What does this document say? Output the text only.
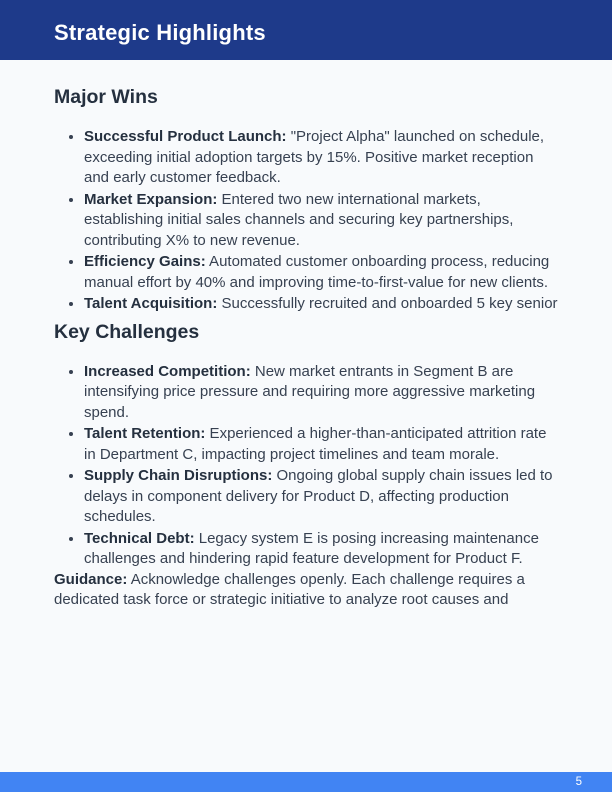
Strategic Highlights
Major Wins
• Successful Product Launch: "Project Alpha" launched on schedule, exceeding initial adoption targets by 15%. Positive market reception and early customer feedback.
• Market Expansion: Entered two new international markets, establishing initial sales channels and securing key partnerships, contributing X% to new revenue.
• Efficiency Gains: Automated customer onboarding process, reducing manual effort by 40% and improving time-to-first-value for new clients.
• Talent Acquisition: Successfully recruited and onboarded 5 key senior
Key Challenges
• Increased Competition: New market entrants in Segment B are intensifying price pressure and requiring more aggressive marketing spend.
• Talent Retention: Experienced a higher-than-anticipated attrition rate in Department C, impacting project timelines and team morale.
• Supply Chain Disruptions: Ongoing global supply chain issues led to delays in component delivery for Product D, affecting production schedules.
• Technical Debt: Legacy system E is posing increasing maintenance challenges and hindering rapid feature development for Product F.

Guidance: Acknowledge challenges openly. Each challenge requires a dedicated task force or strategic initiative to analyze root causes and

5
